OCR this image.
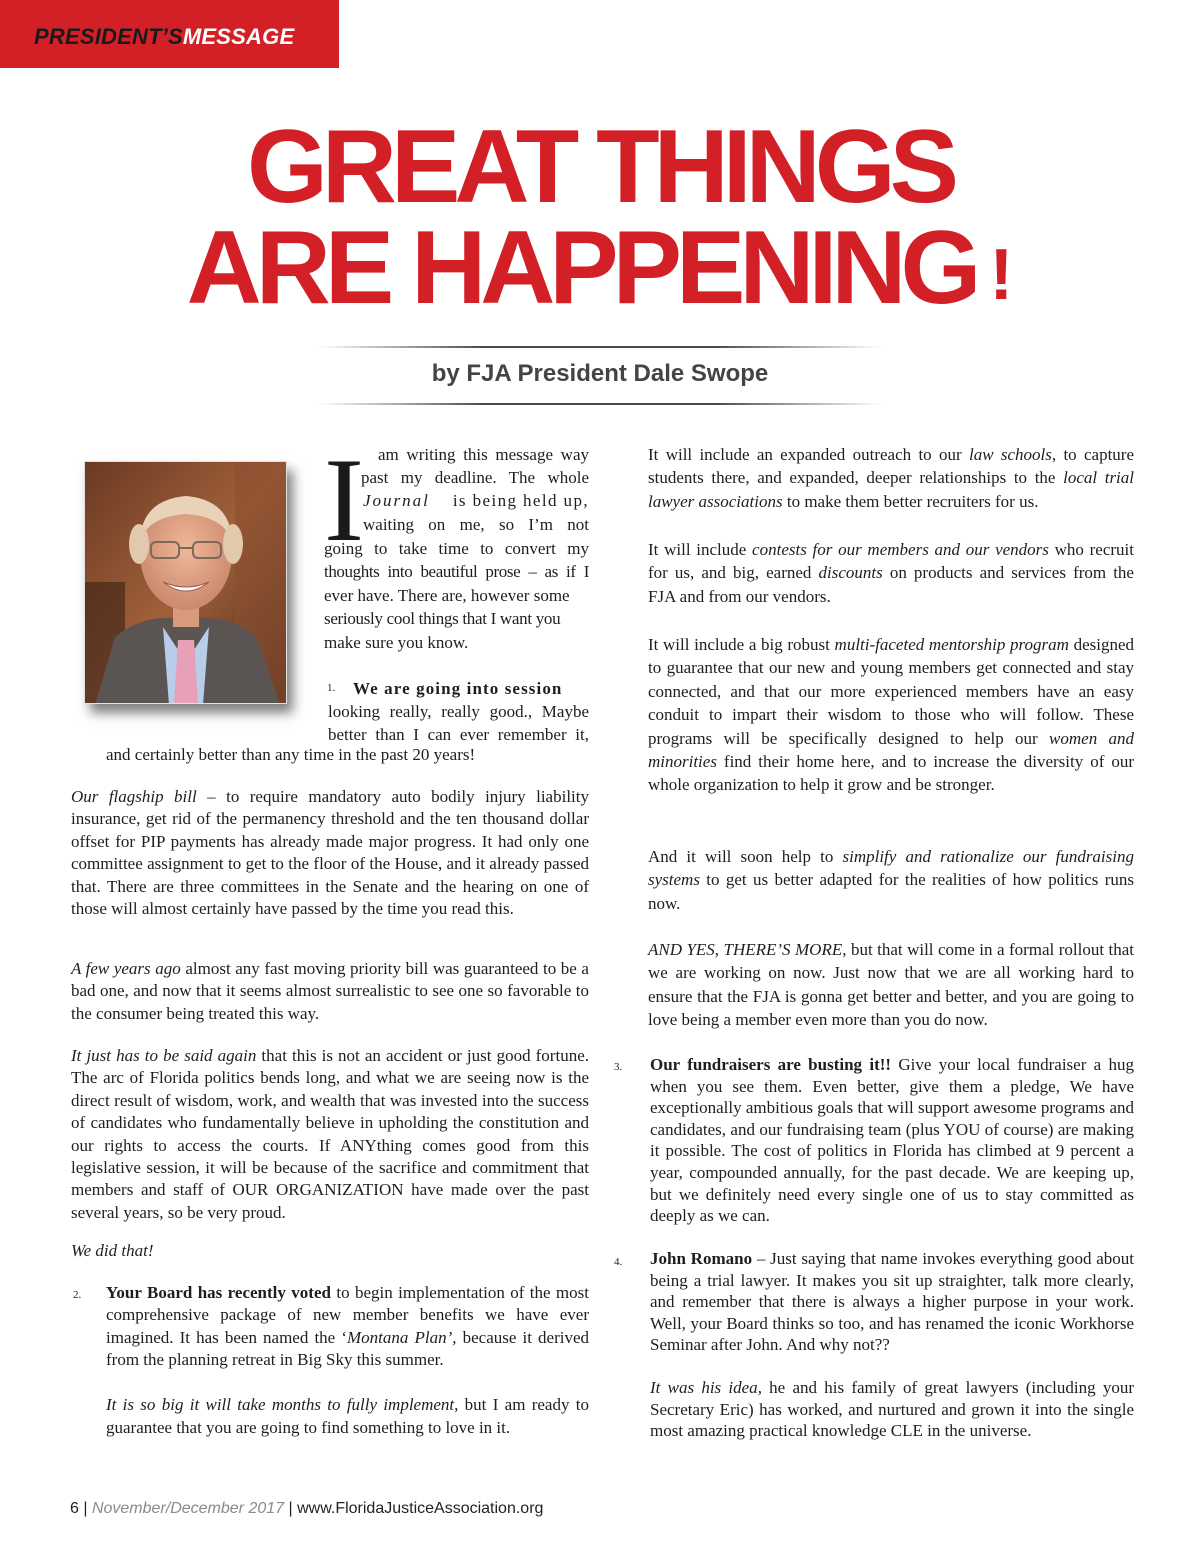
PRESIDENT’SMESSAGE
GREAT THINGS
ARE HAPPENING !
by FJA President Dale Swope
I am writing this message way
past my deadline. The whole
Journal is being held up,
waiting on me, so I’m not
going to take time to convert my
thoughts into beautiful prose – as if I
ever have. There are, however some
seriously cool things that I want you
make sure you know.
1. We are going into session
looking really, really good., Maybe
better than I can ever remember it,
and certainly better than any time in the past 20 years!

Our flagship bill – to require mandatory auto bodily injury liability insurance, get rid of the permanency threshold and the ten thousand dollar offset for PIP payments has already made major progress. It had only one committee assignment to get to the floor of the House, and it already passed that. There are three committees in the Senate and the hearing on one of those will almost certainly have passed by the time you read this.

A few years ago almost any fast moving priority bill was guaranteed to be a bad one, and now that it seems almost surrealistic to see one so favorable to the consumer being treated this way.

It just has to be said again that this is not an accident or just good fortune. The arc of Florida politics bends long, and what we are seeing now is the direct result of wisdom, work, and wealth that was invested into the success of candidates who fundamentally believe in upholding the constitution and our rights to access the courts. If ANYthing comes good from this legislative session, it will be because of the sacrifice and commitment that members and staff of OUR ORGANIZATION have made over the past several years, so be very proud.

We did that!

2. Your Board has recently voted to begin implementation of the most comprehensive package of new member benefits we have ever imagined. It has been named the ‘Montana Plan’, because it derived from the planning retreat in Big Sky this summer.

It is so big it will take months to fully implement, but I am ready to guarantee that you are going to find something to love in it.

It will include an expanded outreach to our law schools, to capture students there, and expanded, deeper relationships to the local trial lawyer associations to make them better recruiters for us.

It will include contests for our members and our vendors who recruit for us, and big, earned discounts on products and services from the FJA and from our vendors.

It will include a big robust multi-faceted mentorship program designed to guarantee that our new and young members get connected and stay connected, and that our more experienced members have an easy conduit to impart their wisdom to those who will follow. These programs will be specifically designed to help our women and minorities find their home here, and to increase the diversity of our whole organization to help it grow and be stronger.

And it will soon help to simplify and rationalize our fundraising systems to get us better adapted for the realities of how politics runs now.

AND YES, THERE’S MORE, but that will come in a formal rollout that we are working on now. Just now that we are all working hard to ensure that the FJA is gonna get better and better, and you are going to love being a member even more than you do now.

3. Our fundraisers are busting it!! Give your local fundraiser a hug when you see them. Even better, give them a pledge, We have exceptionally ambitious goals that will support awesome programs and candidates, and our fundraising team (plus YOU of course) are making it possible. The cost of politics in Florida has climbed at 9 percent a year, compounded annually, for the past decade. We are keeping up, but we definitely need every single one of us to stay committed as deeply as we can.

4. John Romano – Just saying that name invokes everything good about being a trial lawyer. It makes you sit up straighter, talk more clearly, and remember that there is always a higher purpose in your work. Well, your Board thinks so too, and has renamed the iconic Workhorse Seminar after John. And why not??

It was his idea, he and his family of great lawyers (including your Secretary Eric) has worked, and nurtured and grown it into the single most amazing practical knowledge CLE in the universe.

6 | November/December 2017 | www.FloridaJusticeAssociation.org
